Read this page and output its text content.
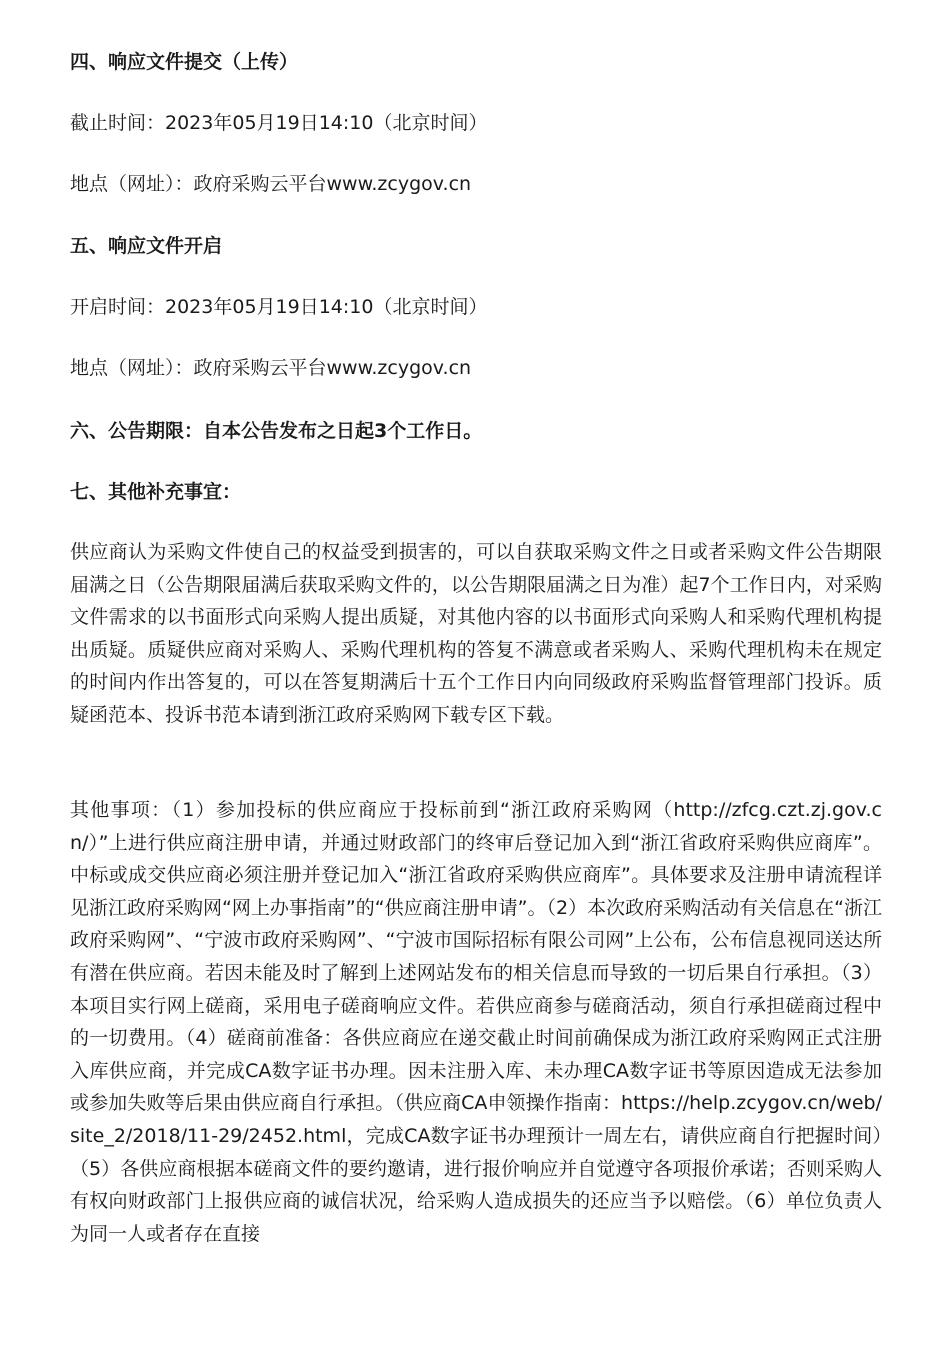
四、响应文件提交（上传）
截止时间：2023年05月19日14:10（北京时间）
地点（网址）：政府采购云平台www.zcygov.cn
五、响应文件开启
开启时间：2023年05月19日14:10（北京时间）
地点（网址）：政府采购云平台www.zcygov.cn
六、公告期限：自本公告发布之日起3个工作日。
七、其他补充事宜：
供应商认为采购文件使自己的权益受到损害的，可以自获取采购文件之日或者采购文件公告期限届满之日（公告期限届满后获取采购文件的，以公告期限届满之日为准）起7个工作日内，对采购文件需求的以书面形式向采购人提出质疑，对其他内容的以书面形式向采购人和采购代理机构提出质疑。质疑供应商对采购人、采购代理机构的答复不满意或者采购人、采购代理机构未在规定的时间内作出答复的，可以在答复期满后十五个工作日内向同级政府采购监督管理部门投诉。质疑函范本、投诉书范本请到浙江政府采购网下载专区下载。
其他事项：（1）参加投标的供应商应于投标前到“浙江政府采购网（http://zfcg.czt.zj.gov.cn/）”上进行供应商注册申请，并通过财政部门的终审后登记加入到“浙江省政府采购供应商库”。中标或成交供应商必须注册并登记加入“浙江省政府采购供应商库”。具体要求及注册申请流程详见浙江政府采购网“网上办事指南”的“供应商注册申请”。（2）本次政府采购活动有关信息在“浙江政府采购网”、“宁波市政府采购网”、“宁波市国际招标有限公司网”上公布，公布信息视同送达所有潜在供应商。若因未能及时了解到上述网站发布的相关信息而导致的一切后果自行承担。（3）本项目实行网上磋商，采用电子磋商响应文件。若供应商参与磋商活动，须自行承担磋商过程中的一切费用。（4）磋商前准备：各供应商应在递交截止时间前确保成为浙江政府采购网正式注册入库供应商，并完成CA数字证书办理。因未注册入库、未办理CA数字证书等原因造成无法参加或参加失败等后果由供应商自行承担。（供应商CA申领操作指南：https://help.zcygov.cn/web/site_2/2018/11-29/2452.html，完成CA数字证书办理预计一周左右，请供应商自行把握时间）（5）各供应商根据本磋商文件的要约邀请，进行报价响应并自觉遵守各项报价承诺；否则采购人有权向财政部门上报供应商的诚信状况，给采购人造成损失的还应当予以赔偿。（6）单位负责人为同一人或者存在直接
